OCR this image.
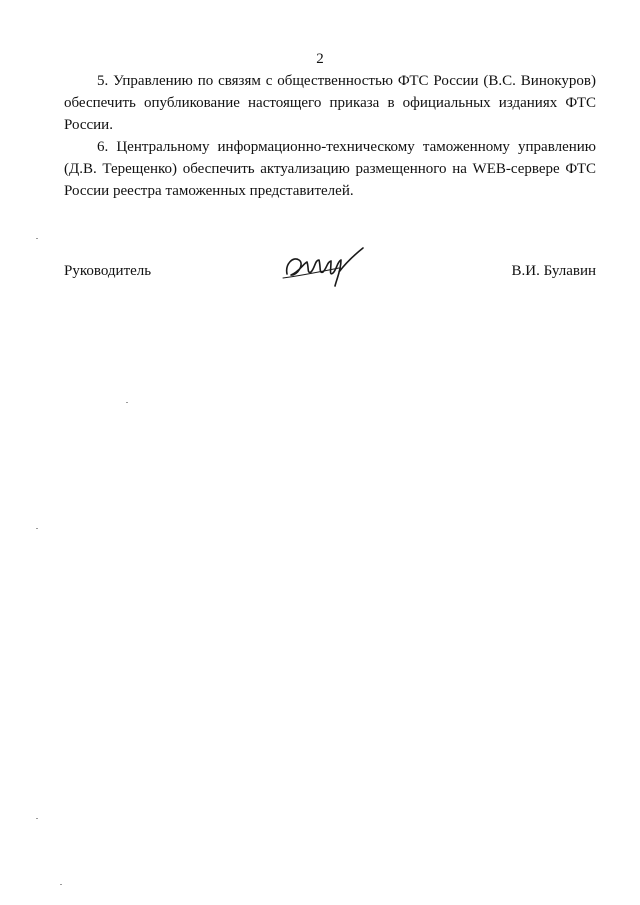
2

5. Управлению по связям с общественностью ФТС России (В.С. Винокуров) обеспечить опубликование настоящего приказа в официальных изданиях ФТС России.

6. Центральному информационно-техническому таможенному управлению (Д.В. Терещенко) обеспечить актуализацию размещенного на WEB-сервере ФТС России реестра таможенных представителей.

Руководитель	В.И. Булавин
